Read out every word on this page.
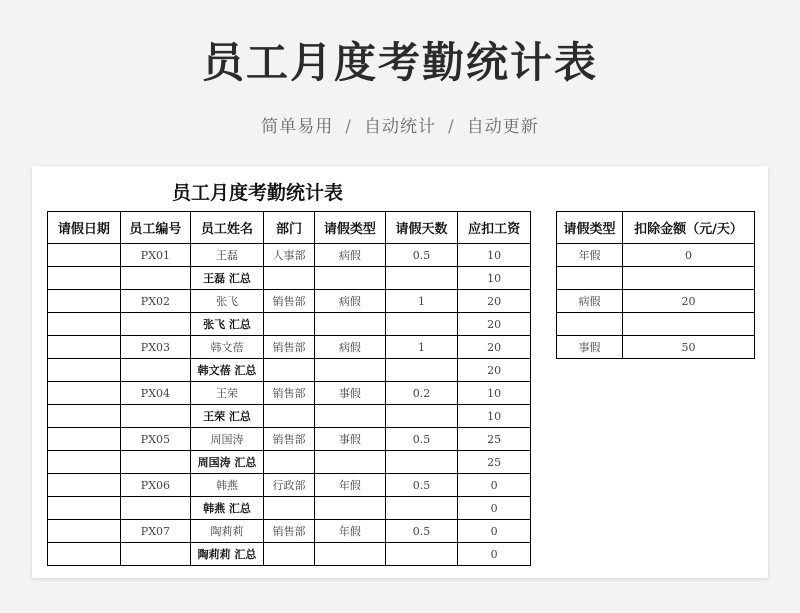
员工月度考勤统计表
简单易用 / 自动统计 / 自动更新
员工月度考勤统计表
请假日期	员工编号	员工姓名	部门	请假类型	请假天数	应扣工资
	PX01	王磊	人事部	病假	0.5	10
		王磊 汇总				10
	PX02	张飞	销售部	病假	1	20
		张飞 汇总				20
	PX03	韩文蓓	销售部	病假	1	20
		韩文蓓 汇总				20
	PX04	王荣	销售部	事假	0.2	10
		王荣 汇总				10
	PX05	周国涛	销售部	事假	0.5	25
		周国涛 汇总				25
	PX06	韩燕	行政部	年假	0.5	0
		韩燕 汇总				0
	PX07	陶莉莉	销售部	年假	0.5	0
		陶莉莉 汇总				0
请假类型	扣除金额（元/天）
年假	0

病假	20

事假	50
